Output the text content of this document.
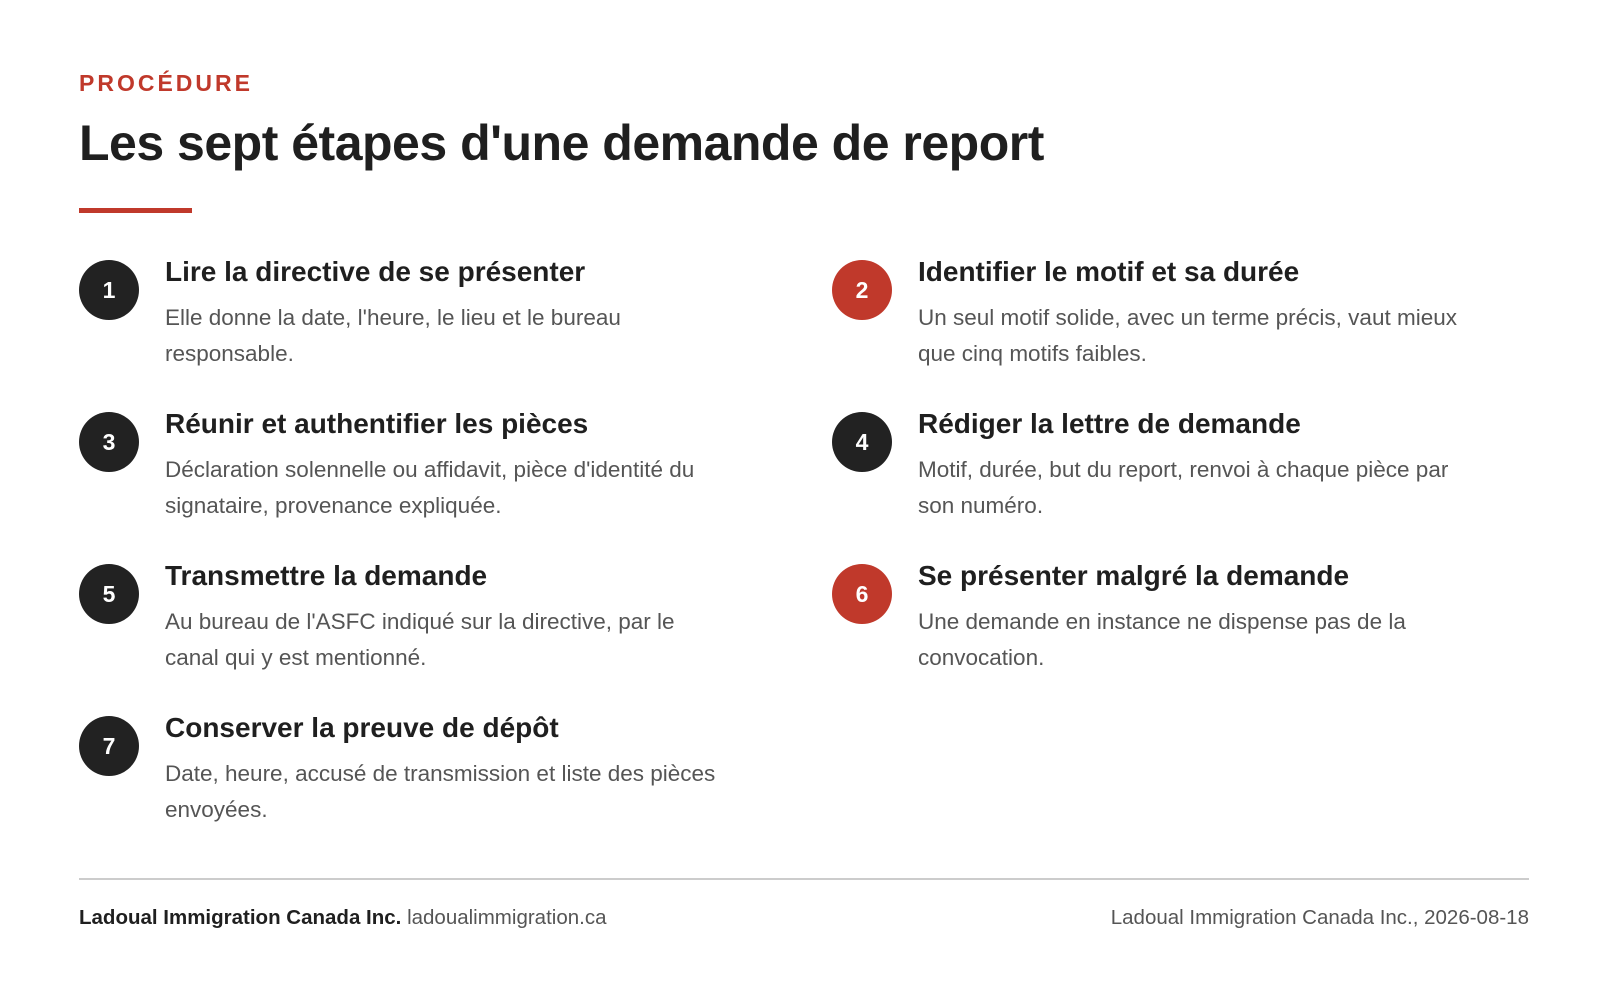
PROCÉDURE
Les sept étapes d'une demande de report
1
Lire la directive de se présenter
Elle donne la date, l'heure, le lieu et le bureau responsable.
2
Identifier le motif et sa durée
Un seul motif solide, avec un terme précis, vaut mieux que cinq motifs faibles.
3
Réunir et authentifier les pièces
Déclaration solennelle ou affidavit, pièce d'identité du signataire, provenance expliquée.
4
Rédiger la lettre de demande
Motif, durée, but du report, renvoi à chaque pièce par son numéro.
5
Transmettre la demande
Au bureau de l'ASFC indiqué sur la directive, par le canal qui y est mentionné.
6
Se présenter malgré la demande
Une demande en instance ne dispense pas de la convocation.
7
Conserver la preuve de dépôt
Date, heure, accusé de transmission et liste des pièces envoyées.
Ladoual Immigration Canada Inc. ladoualimmigration.ca	Ladoual Immigration Canada Inc., 2026-08-18
